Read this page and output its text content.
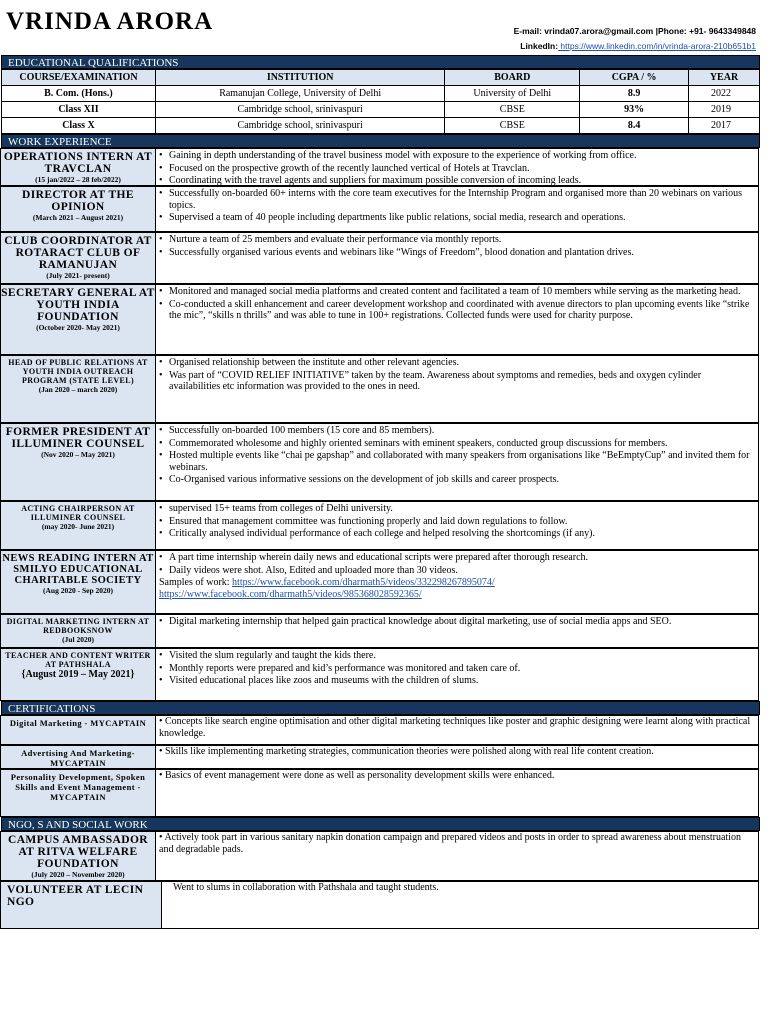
VRINDA ARORA	E-mail: vrinda07.arora@gmail.com |Phone: +91- 9643349848
LinkedIn: https://www.linkedin.com/in/vrinda-arora-210b651b1
EDUCATIONAL QUALIFICATIONS
COURSE/EXAMINATION	INSTITUTION	BOARD	CGPA / %	YEAR
B. Com. (Hons.)	Ramanujan College, University of Delhi	University of Delhi	8.9	2022
Class XII	Cambridge school, srinivaspuri	CBSE	93%	2019
Class X	Cambridge school, srinivaspuri	CBSE	8.4	2017
WORK EXPERIENCE
OPERATIONS INTERN AT TRAVCLAN
(15 jan/2022 – 28 feb/2022)
• Gaining in depth understanding of the travel business model with exposure to the experience of working from office.
• Focused on the prospective growth of the recently launched vertical of Hotels at Travclan.
• Coordinating with the travel agents and suppliers for maximum possible conversion of incoming leads.
DIRECTOR AT THE OPINION
(March 2021 – August 2021)
• Successfully on-boarded 60+ interns with the core team executives for the Internship Program and organised more than 20 webinars on various topics.
• Supervised a team of 40 people including departments like public relations, social media, research and operations.
CLUB COORDINATOR AT ROTARACT CLUB OF RAMANUJAN
(July 2021- present)
• Nurture a team of 25 members and evaluate their performance via monthly reports.
• Successfully organised various events and webinars like “Wings of Freedom”, blood donation and plantation drives.
SECRETARY GENERAL AT YOUTH INDIA FOUNDATION
(October 2020- May 2021)
• Monitored and managed social media platforms and created content and facilitated a team of 10 members while serving as the marketing head.
• Co-conducted a skill enhancement and career development workshop and coordinated with avenue directors to plan upcoming events like “strike the mic”, “skills n thrills” and was able to tune in 100+ registrations. Collected funds were used for charity purpose.
HEAD OF PUBLIC RELATIONS AT YOUTH INDIA OUTREACH PROGRAM (STATE LEVEL)
(Jan 2020 – march 2020)
• Organised relationship between the institute and other relevant agencies.
• Was part of “COVID RELIEF INITIATIVE” taken by the team. Awareness about symptoms and remedies, beds and oxygen cylinder availabilities etc information was provided to the ones in need.
FORMER PRESIDENT AT ILLUMINER COUNSEL
(Nov 2020 – May 2021)
• Successfully on-boarded 100 members (15 core and 85 members).
• Commemorated wholesome and highly oriented seminars with eminent speakers, conducted group discussions for members.
• Hosted multiple events like “chai pe gapshap” and collaborated with many speakers from organisations like “BeEmptyCup” and invited them for webinars.
• Co-Organised various informative sessions on the development of job skills and career prospects.
ACTING CHAIRPERSON AT ILLUMINER COUNSEL
(may 2020- June 2021)
• supervised 15+ teams from colleges of Delhi university.
• Ensured that management committee was functioning properly and laid down regulations to follow.
• Critically analysed individual performance of each college and helped resolving the shortcomings (if any).
NEWS READING INTERN AT SMILYO EDUCATIONAL CHARITABLE SOCIETY
(Aug 2020 - Sep 2020)
• A part time internship wherein daily news and educational scripts were prepared after thorough research.
• Daily videos were shot. Also, Edited and uploaded more than 30 videos.
Samples of work: https://www.facebook.com/dharmath5/videos/332298267895074/
https://www.facebook.com/dharmath5/videos/985368028592365/
DIGITAL MARKETING INTERN AT REDBOOKSNOW
(Jul 2020)
• Digital marketing internship that helped gain practical knowledge about digital marketing, use of social media apps and SEO.
TEACHER AND CONTENT WRITER AT PATHSHALA
{August 2019 – May 2021}
• Visited the slum regularly and taught the kids there.
• Monthly reports were prepared and kid’s performance was monitored and taken care of.
• Visited educational places like zoos and museums with the children of slums.
CERTIFICATIONS
Digital Marketing - MYCAPTAIN	• Concepts like search engine optimisation and other digital marketing techniques like poster and graphic designing were learnt along with practical knowledge.
Advertising And Marketing- MYCAPTAIN
• Skills like implementing marketing strategies, communication theories were polished along with real life content creation.
Personality Development, Spoken Skills and Event Management - MYCAPTAIN
• Basics of event management were done as well as personality development skills were enhanced.
NGO, S AND SOCIAL WORK
CAMPUS AMBASSADOR AT RITVA WELFARE FOUNDATION
(July 2020 – November 2020)
• Actively took part in various sanitary napkin donation campaign and prepared videos and posts in order to spread awareness about menstruation and degradable pads.
VOLUNTEER AT LECIN NGO
Went to slums in collaboration with Pathshala and taught students.
